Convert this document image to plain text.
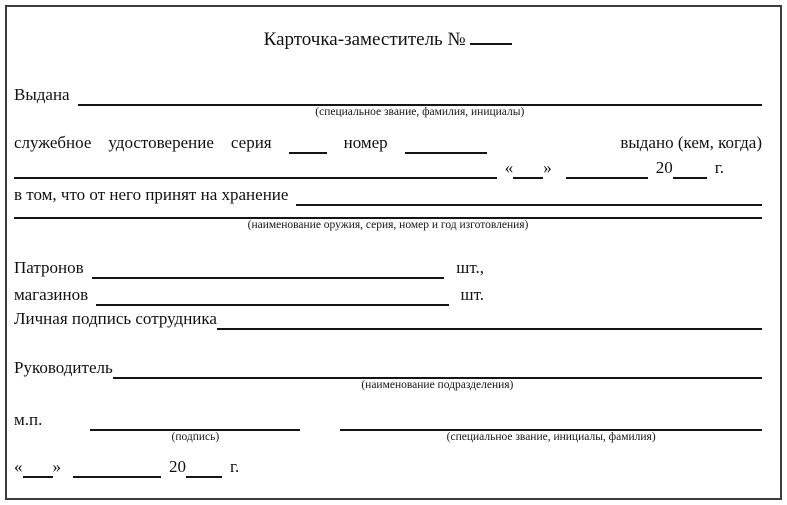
Карточка-заместитель №
Выдана
(специальное звание, фамилия, инициалы)
служебное удостоверение серия	номер	выдано (кем, когда)
« »	20 г.
в том, что от него принят на хранение
(наименование оружия, серия, номер и год изготовления)
Патронов	шт.,
магазинов	шт.
Личная подпись сотрудника
Руководитель
(наименование подразделения)
м.п.
(подпись)	(специальное звание, инициалы, фамилия)
« »	20	г.
